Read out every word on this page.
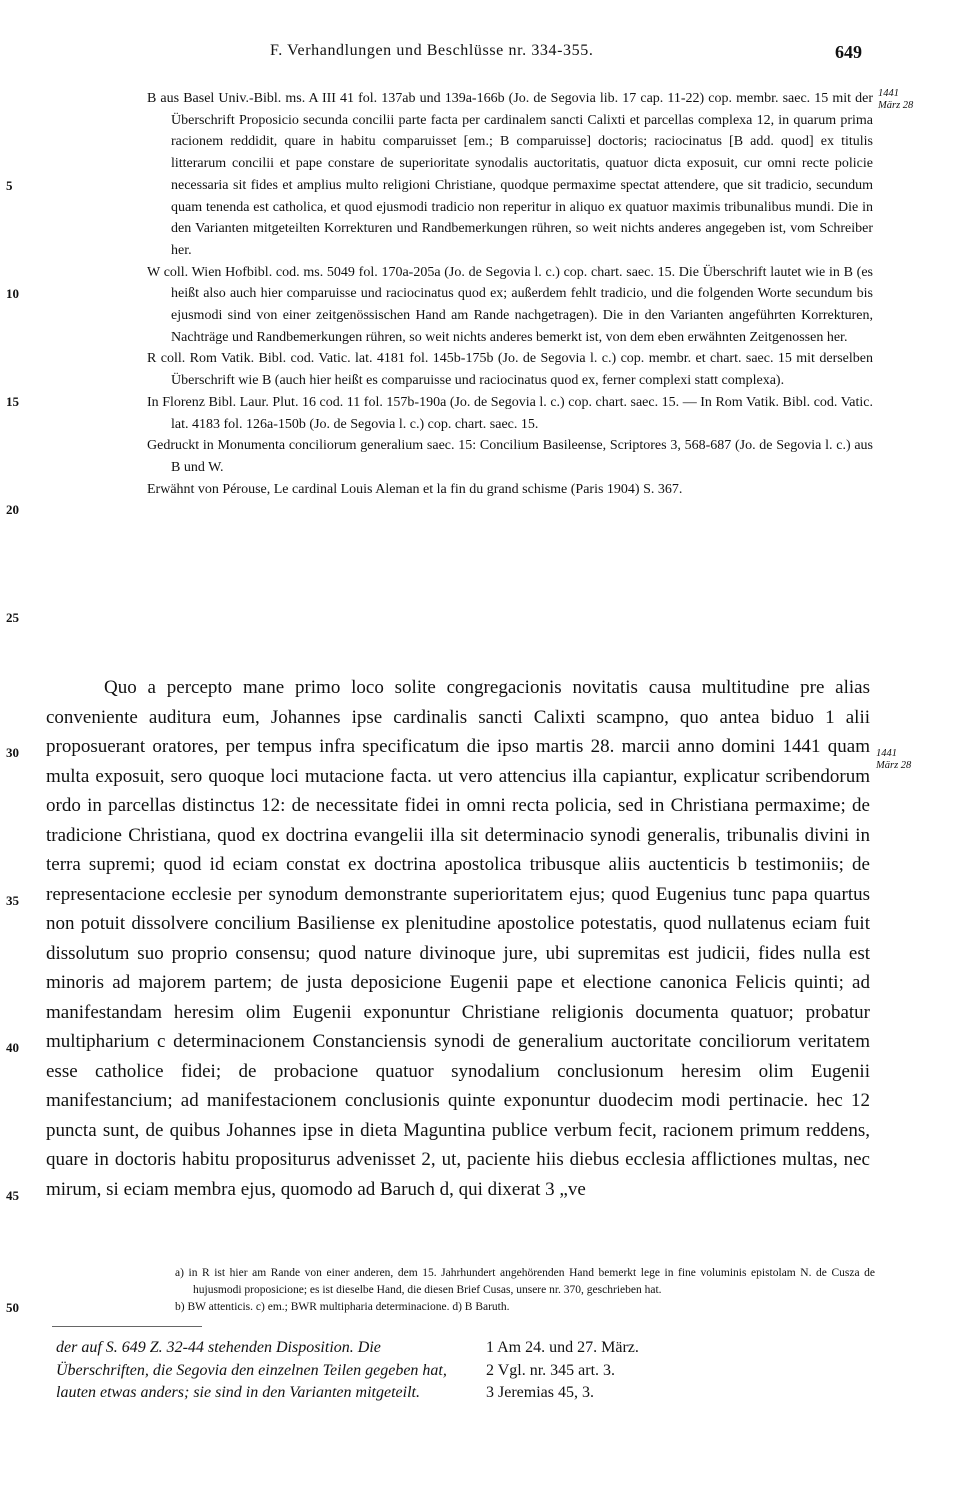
F. Verhandlungen und Beschlüsse nr. 334-355.	649
5
10
15
20
25
30
35
40
45
50
1441
März 28
1441
März 28

B aus Basel Univ.-Bibl. ms. A III 41 fol. 137ab und 139a-166b (Jo. de Segovia lib. 17 cap. 11-22) cop. membr. saec. 15 mit der Überschrift Proposicio secunda concilii parte facta per cardinalem sancti Calixti et parcellas complexa 12, in quarum prima racionem reddidit, quare in habitu comparuisset [em.; B comparuisse] doctoris; raciocinatus [B add. quod] ex titulis litterarum concilii et pape constare de superioritate synodalis auctoritatis, quatuor dicta exposuit, cur omni recte policie necessaria sit fides et amplius multo religioni Christiane, quodque permaxime spectat attendere, que sit tradicio, secundum quam tenenda est catholica, et quod ejusmodi tradicio non reperitur in aliquo ex quatuor maximis tribunalibus mundi. Die in den Varianten mitgeteilten Korrekturen und Randbemerkungen rühren, so weit nichts anderes angegeben ist, vom Schreiber her.

W coll. Wien Hofbibl. cod. ms. 5049 fol. 170a-205a (Jo. de Segovia l. c.) cop. chart. saec. 15. Die Überschrift lautet wie in B (es heißt also auch hier comparuisse und raciocinatus quod ex; außerdem fehlt tradicio, und die folgenden Worte secundum bis ejusmodi sind von einer zeitgenössischen Hand am Rande nachgetragen). Die in den Varianten angeführten Korrekturen, Nachträge und Randbemerkungen rühren, so weit nichts anderes bemerkt ist, von dem eben erwähnten Zeitgenossen her.

R coll. Rom Vatik. Bibl. cod. Vatic. lat. 4181 fol. 145b-175b (Jo. de Segovia l. c.) cop. membr. et chart. saec. 15 mit derselben Überschrift wie B (auch hier heißt es comparuisse und raciocinatus quod ex, ferner complexi statt complexa).

In Florenz Bibl. Laur. Plut. 16 cod. 11 fol. 157b-190a (Jo. de Segovia l. c.) cop. chart. saec. 15. — In Rom Vatik. Bibl. cod. Vatic. lat. 4183 fol. 126a-150b (Jo. de Segovia l. c.) cop. chart. saec. 15.

Gedruckt in Monumenta conciliorum generalium saec. 15: Concilium Basileense, Scriptores 3, 568-687 (Jo. de Segovia l. c.) aus B und W.

Erwähnt von Pérouse, Le cardinal Louis Aleman et la fin du grand schisme (Paris 1904) S. 367.

Quo a percepto mane primo loco solite congregacionis novitatis causa multitudine pre alias conveniente auditura eum, Johannes ipse cardinalis sancti Calixti scampno, quo antea biduo 1 alii proposuerant oratores, per tempus infra specificatum die ipso martis 28. marcii anno domini 1441 quam multa exposuit, sero quoque loci mutacione facta. ut vero attencius illa capiantur, explicatur scribendorum ordo in parcellas distinctus 12: de necessitate fidei in omni recta policia, sed in Christiana permaxime; de tradicione Christiana, quod ex doctrina evangelii illa sit determinacio synodi generalis, tribunalis divini in terra supremi; quod id eciam constat ex doctrina apostolica tribusque aliis auctenticis b testimoniis; de representacione ecclesie per synodum demonstrante superioritatem ejus; quod Eugenius tunc papa quartus non potuit dissolvere concilium Basiliense ex plenitudine apostolice potestatis, quod nullatenus eciam fuit dissolutum suo proprio consensu; quod nature divinoque jure, ubi supremitas est judicii, fides nulla est minoris ad majorem partem; de justa deposicione Eugenii pape et electione canonica Felicis quinti; ad manifestandam heresim olim Eugenii exponuntur Christiane religionis documenta quatuor; probatur multipharium c determinacionem Constanciensis synodi de generalium auctoritate conciliorum veritatem esse catholice fidei; de probacione quatuor synodalium conclusionum heresim olim Eugenii manifestancium; ad manifestacionem conclusionis quinte exponuntur duodecim modi pertinacie. hec 12 puncta sunt, de quibus Johannes ipse in dieta Maguntina publice verbum fecit, racionem primum reddens, quare in doctoris habitu propositurus advenisset 2, ut, paciente hiis diebus ecclesia afflictiones multas, nec mirum, si eciam membra ejus, quomodo ad Baruch d, qui dixerat 3 „ve

a) in R ist hier am Rande von einer anderen, dem 15. Jahrhundert angehörenden Hand bemerkt lege in fine voluminis epistolam N. de Cusza de hujusmodi proposicione; es ist dieselbe Hand, die diesen Brief Cusas, unsere nr. 370, geschrieben hat.

b) BW attenticis. c) em.; BWR multipharia determinacione. d) B Baruth.

der auf S. 649 Z. 32-44 stehenden Disposition. Die Überschriften, die Segovia den einzelnen Teilen gegeben hat, lauten etwas anders; sie sind in den Varianten mitgeteilt.

1 Am 24. und 27. März.

2 Vgl. nr. 345 art. 3.

3 Jeremias 45, 3.
